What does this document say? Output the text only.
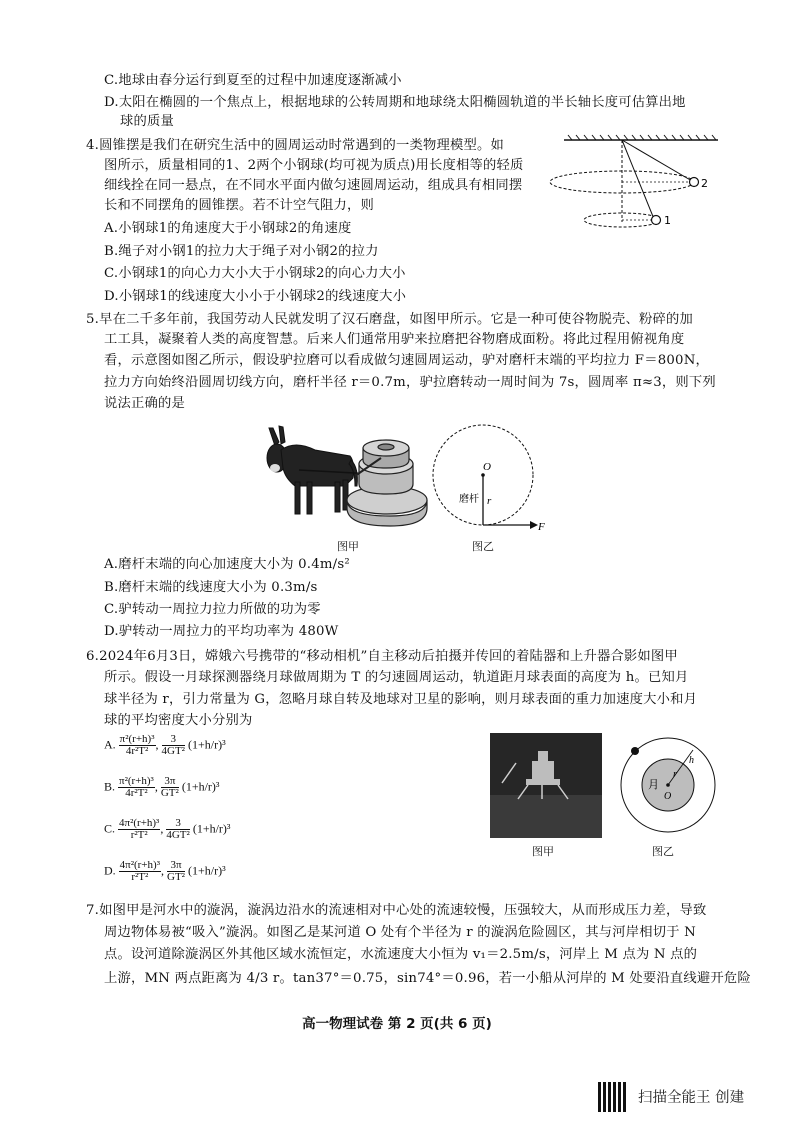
C.地球由春分运行到夏至的过程中加速度逐渐减小
D.太阳在椭圆的一个焦点上，根据地球的公转周期和地球绕太阳椭圆轨道的半长轴长度可估算出地
球的质量
4.圆锥摆是我们在研究生活中的圆周运动时常遇到的一类物理模型。如
图所示，质量相同的1、2两个小钢球(均可视为质点)用长度相等的轻质
细线拴在同一悬点，在不同水平面内做匀速圆周运动，组成具有相同摆
长和不同摆角的圆锥摆。若不计空气阻力，则
A.小钢球1的角速度大于小钢球2的角速度
B.绳子对小钢1的拉力大于绳子对小钢2的拉力
C.小钢球1的向心力大小大于小钢球2的向心力大小
D.小钢球1的线速度大小小于小钢球2的线速度大小
2
1
5.早在二千多年前，我国劳动人民就发明了汉石磨盘，如图甲所示。它是一种可使谷物脱壳、粉碎的加
工工具，凝聚着人类的高度智慧。后来人们通常用驴来拉磨把谷物磨成面粉。将此过程用俯视角度
看，示意图如图乙所示，假设驴拉磨可以看成做匀速圆周运动，驴对磨杆末端的平均拉力 F＝800N，
拉力方向始终沿圆周切线方向，磨杆半径 r＝0.7m，驴拉磨转动一周时间为 7s，圆周率 π≈3，则下列
说法正确的是
图甲
O
r
F
磨杆
图乙
A.磨杆末端的向心加速度大小为 0.4m/s²
B.磨杆末端的线速度大小为 0.3m/s
C.驴转动一周拉力拉力所做的功为零
D.驴转动一周拉力的平均功率为 480W
6.2024年6月3日，嫦娥六号携带的“移动相机”自主移动后拍摄并传回的着陆器和上升器合影如图甲
所示。假设一月球探测器绕月球做周期为 T 的匀速圆周运动，轨道距月球表面的高度为 h。已知月
球半径为 r，引力常量为 G，忽略月球自转及地球对卫星的影响，则月球表面的重力加速度大小和月
球的平均密度大小分别为
A. $\frac{\text{π²(r+h)³}}{\text{4r²T²}}$ , $\frac{3}{\text{4GT²}} (1+h/r)^3$
B. $\frac{\text{π²(r+h)³}}{\text{4r²T²}}$ , $\frac{3\pi}{\text{GT²}} (1+h/r)^3$
C. $\frac{\text{4π²(r+h)³}}{\text{r²T²}}$ , $\frac{3}{\text{4GT²}} (1+h/r)^3$
D. $\frac{\text{4π²(r+h)³}}{\text{r²T²}}$ , $\frac{3\pi}{\text{GT²}} (1+h/r)^3$
图甲
月
O
r
h
图乙
7.如图甲是河水中的漩涡，漩涡边沿水的流速相对中心处的流速较慢，压强较大，从而形成压力差，导致
周边物体易被“吸入”漩涡。如图乙是某河道 O 处有个半径为 r 的漩涡危险圆区，其与河岸相切于 N
点。设河道除漩涡区外其他区域水流恒定，水流速度大小恒为 v₁＝2.5m/s，河岸上 M 点为 N 点的
上游，MN 两点距离为 4/3 r。tan37°＝0.75，sin74°＝0.96，若一小船从河岸的 M 处要沿直线避开危险
高一物理试卷 第 2 页(共 6 页)
扫描全能王 创建
